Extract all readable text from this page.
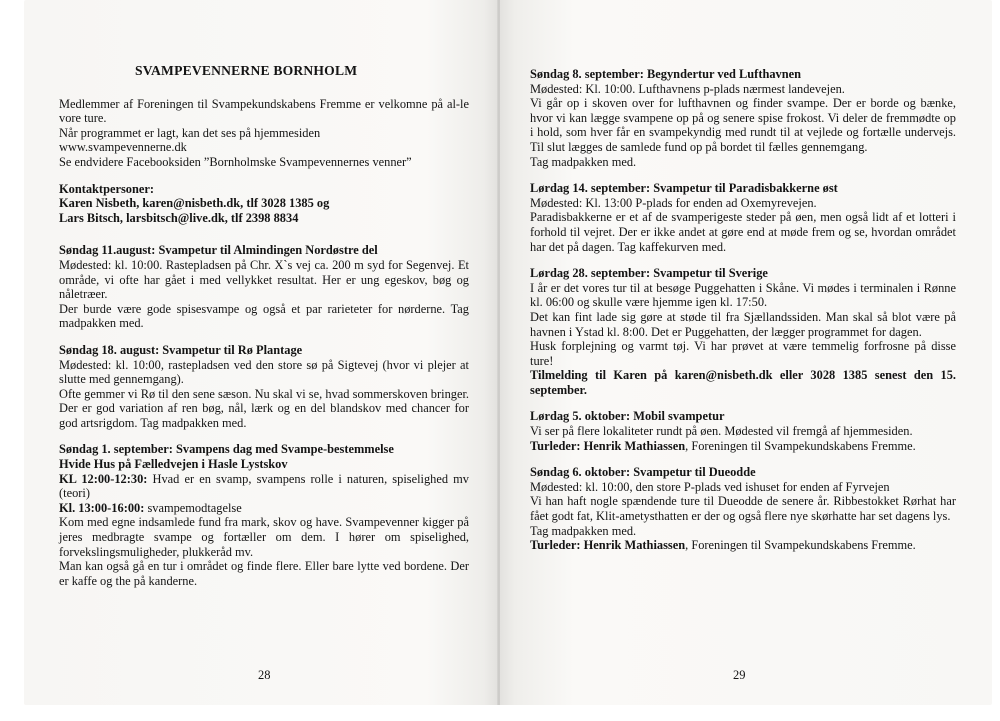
SVAMPEVENNERNE BORNHOLM

Medlemmer af Foreningen til Svampekundskabens Fremme er velkomne på al-le vore ture.

Når programmet er lagt, kan det ses på hjemmesiden

www.svampevennerne.dk

Se endvidere Facebooksiden ”Bornholmske Svampevennernes venner”

Kontaktpersoner:

Karen Nisbeth, karen@nisbeth.dk, tlf 3028 1385 og

Lars Bitsch, larsbitsch@live.dk, tlf 2398 8834

Søndag 11.august: Svampetur til Almindingen Nordøstre del

Mødested: kl. 10:00. Rastepladsen på Chr. X`s vej ca. 200 m syd for Segenvej. Et område, vi ofte har gået i med vellykket resultat. Her er ung egeskov, bøg og nåletræer.

Der burde være gode spisesvampe og også et par rarieteter for nørderne. Tag madpakken med.

Søndag 18. august: Svampetur til Rø Plantage

Mødested: kl. 10:00, rastepladsen ved den store sø på Sigtevej (hvor vi plejer at slutte med gennemgang).

Ofte gemmer vi Rø til den sene sæson. Nu skal vi se, hvad sommerskoven bringer. Der er god variation af ren bøg, nål, lærk og en del blandskov med chancer for god artsrigdom. Tag madpakken med.

Søndag 1. september: Svampens dag med Svampe-bestemmelse

Hvide Hus på Fælledvejen i Hasle Lystskov

KL 12:00-12:30: Hvad er en svamp, svampens rolle i naturen, spiselighed mv (teori)

Kl. 13:00-16:00: svampemodtagelse

Kom med egne indsamlede fund fra mark, skov og have. Svampevenner kigger på jeres medbragte svampe og fortæller om dem. I hører om spiselighed, forvekslingsmuligheder, plukkeråd mv.

Man kan også gå en tur i området og finde flere. Eller bare lytte ved bordene. Der er kaffe og the på kanderne.

28

Søndag 8. september: Begyndertur ved Lufthavnen

Mødested: Kl. 10:00. Lufthavnens p-plads nærmest landevejen.

Vi går op i skoven over for lufthavnen og finder svampe. Der er borde og bænke, hvor vi kan lægge svampene op på og senere spise frokost. Vi deler de fremmødte op i hold, som hver får en svampekyndig med rundt til at vejlede og fortælle undervejs. Til slut lægges de samlede fund op på bordet til fælles gennemgang.

Tag madpakken med.

Lørdag 14. september: Svampetur til Paradisbakkerne øst

Mødested: Kl. 13:00 P-plads for enden ad Oxemyrevejen.

Paradisbakkerne er et af de svamperigeste steder på øen, men også lidt af et lotteri i forhold til vejret. Der er ikke andet at gøre end at møde frem og se, hvordan området har det på dagen. Tag kaffekurven med.

Lørdag 28. september: Svampetur til Sverige

I år er det vores tur til at besøge Puggehatten i Skåne. Vi mødes i terminalen i Rønne kl. 06:00 og skulle være hjemme igen kl. 17:50.

Det kan fint lade sig gøre at støde til fra Sjællandssiden. Man skal så blot være på havnen i Ystad kl. 8:00. Det er Puggehatten, der lægger programmet for dagen.

Husk forplejning og varmt tøj. Vi har prøvet at være temmelig forfrosne på disse ture!

Tilmelding til Karen på karen@nisbeth.dk eller 3028 1385 senest den 15. september.

Lørdag 5. oktober: Mobil svampetur

Vi ser på flere lokaliteter rundt på øen. Mødested vil fremgå af hjemmesiden.

Turleder: Henrik Mathiassen, Foreningen til Svampekundskabens Fremme.

Søndag 6. oktober: Svampetur til Dueodde

Mødested: kl. 10:00, den store P-plads ved ishuset for enden af Fyrvejen

Vi han haft nogle spændende ture til Dueodde de senere år. Ribbestokket Rørhat har fået godt fat, Klit-ametysthatten er der og også flere nye skørhatte har set dagens lys.

Tag madpakken med.

Turleder: Henrik Mathiassen, Foreningen til Svampekundskabens Fremme.

29
